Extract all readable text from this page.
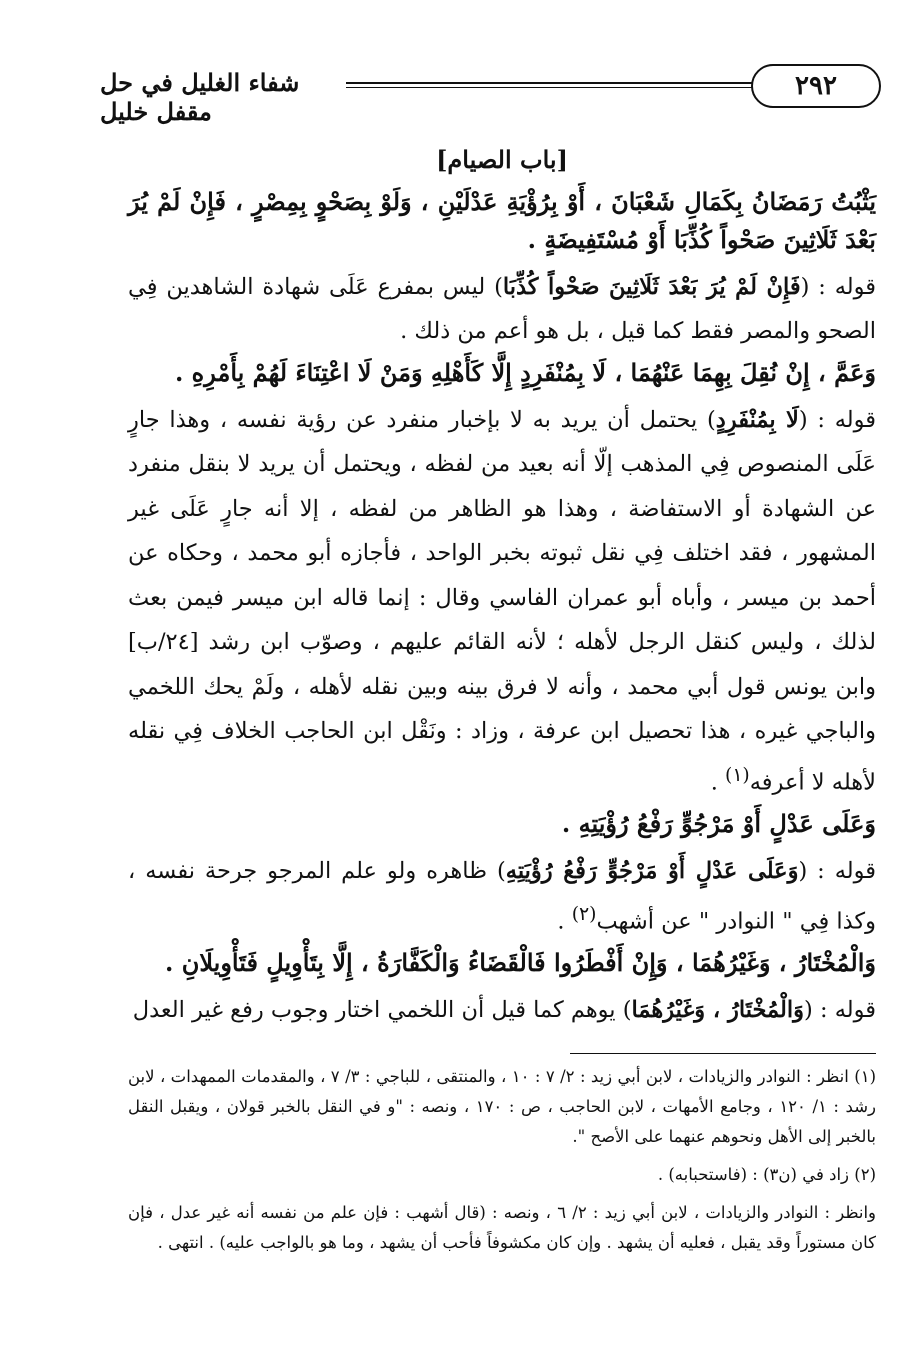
٢٩٢
شفاء الغليل في حل مقفل خليل

[باب الصيام]

يَثْبُتُ رَمَضَانُ بِكَمَالِ شَعْبَانَ ، أَوْ بِرُؤْيَةِ عَدْلَيْنِ ، وَلَوْ بِصَحْوٍ بِمِصْرٍ ، فَإِنْ لَمْ يُرَ بَعْدَ ثَلَاثِينَ صَحْواً كُذِّبَا أَوْ مُسْتَفِيضَةٍ .

قوله : (فَإِنْ لَمْ يُرَ بَعْدَ ثَلَاثِينَ صَحْواً كُذِّبَا) ليس بمفرع عَلَى شهادة الشاهدين فِي الصحو والمصر فقط كما قيل ، بل هو أعم من ذلك .

وَعَمَّ ، إِنْ نُقِلَ بِهِمَا عَنْهُمَا ، لَا بِمُنْفَرِدٍ إِلَّا كَأَهْلِهِ وَمَنْ لَا اعْتِنَاءَ لَهُمْ بِأَمْرِهِ .

قوله : (لَا بِمُنْفَرِدٍ) يحتمل أن يريد به لا بإخبار منفرد عن رؤية نفسه ، وهذا جارٍ عَلَى المنصوص فِي المذهب إلّا أنه بعيد من لفظه ، ويحتمل أن يريد لا بنقل منفرد عن الشهادة أو الاستفاضة ، وهذا هو الظاهر من لفظه ، إلا أنه جارٍ عَلَى غير المشهور ، فقد اختلف فِي نقل ثبوته بخبر الواحد ، فأجازه أبو محمد ، وحكاه عن أحمد بن ميسر ، وأباه أبو عمران الفاسي وقال : إنما قاله ابن ميسر فيمن بعث لذلك ، وليس كنقل الرجل لأهله ؛ لأنه القائم عليهم ، وصوّب ابن رشد [٢٤/ب] وابن يونس قول أبي محمد ، وأنه لا فرق بينه وبين نقله لأهله ، ولَمْ يحك اللخمي والباجي غيره ، هذا تحصيل ابن عرفة ، وزاد : ونَقْل ابن الحاجب الخلاف فِي نقله لأهله لا أعرفه$^{(١)}$ .

وَعَلَى عَدْلٍ أَوْ مَرْجُوٍّ رَفْعُ رُؤْيَتِهِ .

قوله : (وَعَلَى عَدْلٍ أَوْ مَرْجُوٍّ رَفْعُ رُؤْيَتِهِ) ظاهره ولو علم المرجو جرحة نفسه ، وكذا فِي " النوادر " عن أشهب$^{(٢)}$ .

وَالْمُخْتَارُ ، وَغَيْرُهُمَا ، وَإِنْ أَفْطَرُوا فَالْقَضَاءُ وَالْكَفَّارَةُ ، إِلَّا بِتَأْوِيلٍ فَتَأْوِيلَانِ .

قوله : (وَالْمُخْتَارُ ، وَغَيْرُهُمَا) يوهم كما قيل أن اللخمي اختار وجوب رفع غير العدل

(١) انظر : النوادر والزيادات ، لابن أبي زيد : ٢/ ٧ : ١٠ ، والمنتقى ، للباجي : ٣/ ٧ ، والمقدمات الممهدات ، لابن رشد : ١/ ١٢٠ ، وجامع الأمهات ، لابن الحاجب ، ص : ١٧٠ ، ونصه : "و في النقل بالخبر قولان ، ويقبل النقل بالخبر إلى الأهل ونحوهم عنهما على الأصح ".

(٢) زاد في (ن٣) : (فاستحبابه) .

وانظر : النوادر والزيادات ، لابن أبي زيد : ٢/ ٦ ، ونصه : (قال أشهب : فإن علم من نفسه أنه غير عدل ، فإن كان مستوراً وقد يقبل ، فعليه أن يشهد . وإن كان مكشوفاً فأحب أن يشهد ، وما هو بالواجب عليه) . انتهى .
